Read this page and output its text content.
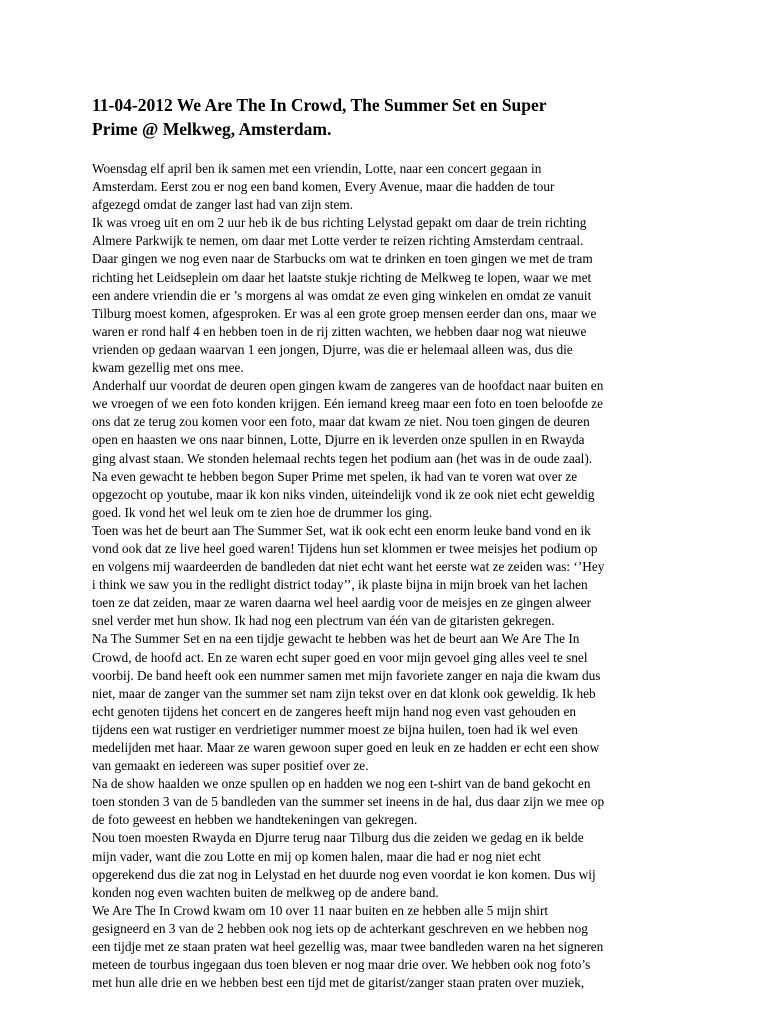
11-04-2012 We Are The In Crowd, The Summer Set en Super
Prime @ Melkweg, Amsterdam.
Woensdag elf april ben ik samen met een vriendin, Lotte, naar een concert gegaan in
Amsterdam. Eerst zou er nog een band komen, Every Avenue, maar die hadden de tour
afgezegd omdat de zanger last had van zijn stem.
Ik was vroeg uit en om 2 uur heb ik de bus richting Lelystad gepakt om daar de trein richting
Almere Parkwijk te nemen, om daar met Lotte verder te reizen richting Amsterdam centraal.
Daar gingen we nog even naar de Starbucks om wat te drinken en toen gingen we met de tram
richting het Leidseplein om daar het laatste stukje richting de Melkweg te lopen, waar we met
een andere vriendin die er ’s morgens al was omdat ze even ging winkelen en omdat ze vanuit
Tilburg moest komen, afgesproken. Er was al een grote groep mensen eerder dan ons, maar we
waren er rond half 4 en hebben toen in de rij zitten wachten, we hebben daar nog wat nieuwe
vrienden op gedaan waarvan 1 een jongen, Djurre, was die er helemaal alleen was, dus die
kwam gezellig met ons mee.
Anderhalf uur voordat de deuren open gingen kwam de zangeres van de hoofdact naar buiten en
we vroegen of we een foto konden krijgen. Eén iemand kreeg maar een foto en toen beloofde ze
ons dat ze terug zou komen voor een foto, maar dat kwam ze niet. Nou toen gingen de deuren
open en haasten we ons naar binnen, Lotte, Djurre en ik leverden onze spullen in en Rwayda
ging alvast staan. We stonden helemaal rechts tegen het podium aan (het was in de oude zaal).
Na even gewacht te hebben begon Super Prime met spelen, ik had van te voren wat over ze
opgezocht op youtube, maar ik kon niks vinden, uiteindelijk vond ik ze ook niet echt geweldig
goed. Ik vond het wel leuk om te zien hoe de drummer los ging.
Toen was het de beurt aan The Summer Set, wat ik ook echt een enorm leuke band vond en ik
vond ook dat ze live heel goed waren! Tijdens hun set klommen er twee meisjes het podium op
en volgens mij waardeerden de bandleden dat niet echt want het eerste wat ze zeiden was: ‘’Hey
i think we saw you in the redlight district today’’, ik plaste bijna in mijn broek van het lachen
toen ze dat zeiden, maar ze waren daarna wel heel aardig voor de meisjes en ze gingen alweer
snel verder met hun show. Ik had nog een plectrum van één van de gitaristen gekregen.
Na The Summer Set en na een tijdje gewacht te hebben was het de beurt aan We Are The In
Crowd, de hoofd act. En ze waren echt super goed en voor mijn gevoel ging alles veel te snel
voorbij. De band heeft ook een nummer samen met mijn favoriete zanger en naja die kwam dus
niet, maar de zanger van the summer set nam zijn tekst over en dat klonk ook geweldig. Ik heb
echt genoten tijdens het concert en de zangeres heeft mijn hand nog even vast gehouden en
tijdens een wat rustiger en verdrietiger nummer moest ze bijna huilen, toen had ik wel even
medelijden met haar. Maar ze waren gewoon super goed en leuk en ze hadden er echt een show
van gemaakt en iedereen was super positief over ze.
Na de show haalden we onze spullen op en hadden we nog een t-shirt van de band gekocht en
toen stonden 3 van de 5 bandleden van the summer set ineens in de hal, dus daar zijn we mee op
de foto geweest en hebben we handtekeningen van gekregen.
Nou toen moesten Rwayda en Djurre terug naar Tilburg dus die zeiden we gedag en ik belde
mijn vader, want die zou Lotte en mij op komen halen, maar die had er nog niet echt
opgerekend dus die zat nog in Lelystad en het duurde nog even voordat ie kon komen. Dus wij
konden nog even wachten buiten de melkweg op de andere band.
We Are The In Crowd kwam om 10 over 11 naar buiten en ze hebben alle 5 mijn shirt
gesigneerd en 3 van de 2 hebben ook nog iets op de achterkant geschreven en we hebben nog
een tijdje met ze staan praten wat heel gezellig was, maar twee bandleden waren na het signeren
meteen de tourbus ingegaan dus toen bleven er nog maar drie over. We hebben ook nog foto’s
met hun alle drie en we hebben best een tijd met de gitarist/zanger staan praten over muziek,
